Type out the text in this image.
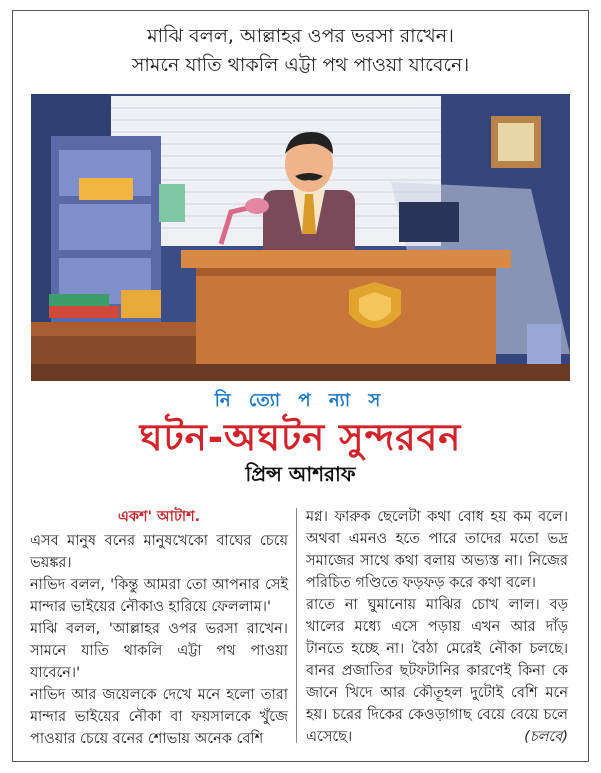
মাঝি বলল, আল্লাহর ওপর ভরসা রাখেন।
সামনে যাতি থাকলি এট্টা পথ পাওয়া যাবেনে।
নি ত্যো প ন্যা স
ঘটন-অঘটন সুন্দরবন
প্রিন্স আশরাফ

একশ' আটাশ.

এসব মানুষ বনের মানুষখেকো বাঘের চেয়ে ভয়ঙ্কর।

নাভিদ বলল, 'কিন্তু আমরা তো আপনার সেই মান্দার ভাইয়ের নৌকাও হারিয়ে ফেললাম।'

মাঝি বলল, 'আল্লাহর ওপর ভরসা রাখেন। সামনে যাতি থাকলি এট্টা পথ পাওয়া যাবেনে।'

নাভিদ আর জয়েলকে দেখে মনে হলো তারা মান্দার ভাইয়ের নৌকা বা ফয়সালকে খুঁজে পাওয়ার চেয়ে বনের শোভায় অনেক বেশি

মগ্ন। ফারুক ছেলেটা কথা বোধ হয় কম বলে। অথবা এমনও হতে পারে তাদের মতো ভদ্র সমাজের সাথে কথা বলায় অভ্যস্ত না। নিজের পরিচিত গণ্ডিতে ফড়ফড় করে কথা বলে।

রাতে না ঘুমানোয় মাঝির চোখ লাল। বড় খালের মধ্যে এসে পড়ায় এখন আর দাঁড় টানতে হচ্ছে না। বৈঠা মেরেই নৌকা চলছে। বানর প্রজাতির ছটফটানির কারণেই কিনা কে জানে খিদে আর কৌতূহল দুটোই বেশি মনে হয়। চরের দিকের কেওড়াগাছ বেয়ে বেয়ে চলে এসেছে।	(চলবে)
